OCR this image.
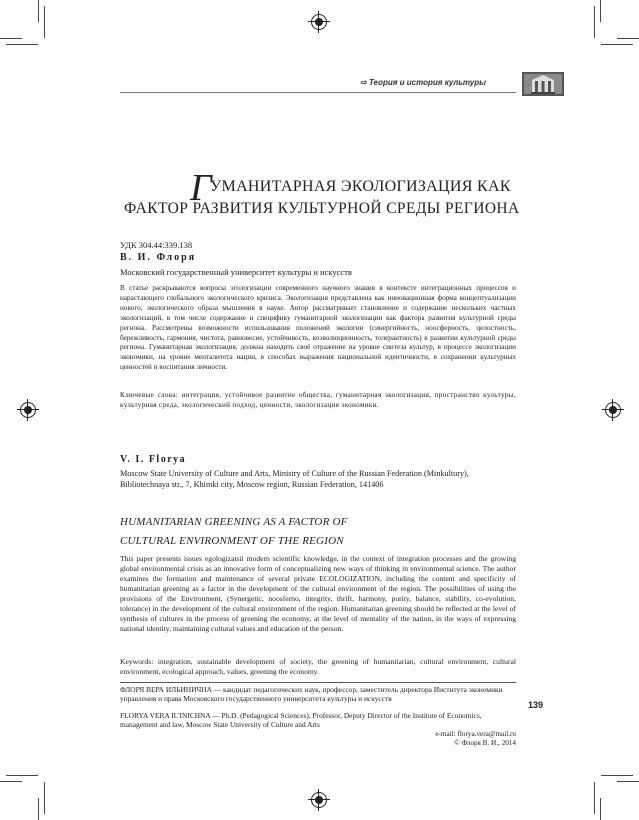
⇨ Теория и история культуры
ГУМАНИТАРНАЯ ЭКОЛОГИЗАЦИЯ КАК
ФАКТОР РАЗВИТИЯ КУЛЬТУРНОЙ СРЕДЫ РЕГИОНА
УДК 304.44:339.138
В. И. Флоря
Московский государственный университет культуры и искусств
В статье раскрываются вопросы эгологизации современного научного знания в контексте интеграционных процессов и нарастающего глобального экологического кризиса. Экологизация представлена как инновационная форма концептуализации нового, экологического образа мышления в науке. Автор рассматривает становление и содержание нескольких частных экологизаций, в том числе содержание и специфику гуманитарной экологизации как фактора развития культурной среды региона. Рассмотрены возможности использования положений экологии (синергийность, ноосферность, целостность, бережливость, гармония, чистота, равновесие, устойчивость, коэволюционность, толерантность) в развитии культурной среды региона. Гуманитарная экологизация, должна находить своё отражение на уровне синтеза культур, в процессе экологизации экономики, на уровне менталитета нации, в способах выражения национальной идентичности, в сохранении культурных ценностей и воспитания личности.
Ключевые слова: интеграция, устойчивое развитие общества, гуманитарная экологизация, пространство культуры, культурная среда, экологический подход, ценности, экологизация экономики.
V. I. Florya
Moscow State University of Culture and Arts, Ministry of Culture of the Russian Federation (Minkultury), Bibliotechnaya str., 7, Khimki city, Moscow region, Russian Federation, 141406
HUMANITARIAN GREENING AS A FACTOR OF
CULTURAL ENVIRONMENT OF THE REGION
This paper presents issues egologizatsii modern scientific knowledge, in the context of integration processes and the growing global environmental crisis as an innovative form of conceptualizing new ways of thinking in environmental science. The author examines the formation and maintenance of several private ECOLOGIZATION, including the content and specificity of humanitarian greening as a factor in the development of the cultural environment of the region. The possibilities of using the provisions of the Environment, (Synergetic, noosferno, integrity, thrift, harmony, purity, balance, stability, co-evolution, tolerance) in the development of the cultural environment of the region. Humanitarian greening should be reflected at the level of synthesis of cultures in the process of greening the economy, at the level of mentality of the nation, in the ways of expressing national identity, maintaining cultural values and education of the person.
Keywords: integration, sustainable development of society, the greening of humanitarian, cultural environment, cultural environment, ecological approach, values, greening the economy.
ФЛОРЯ ВЕРА ИЛЬИНИЧНА — кандидат педагогических наук, профессор, заместитель директора Института экономики управления и права Московского государственного университета культуры и искусств
FLORYA VERA IL'INICHNA — Ph.D. (Pedagogical Sciences), Professor, Deputy Director of the Institute of Economics, management and law, Moscow State University of Culture and Arts
e-mail: florya.vera@mail.ru
© Флоря В. И., 2014
139
